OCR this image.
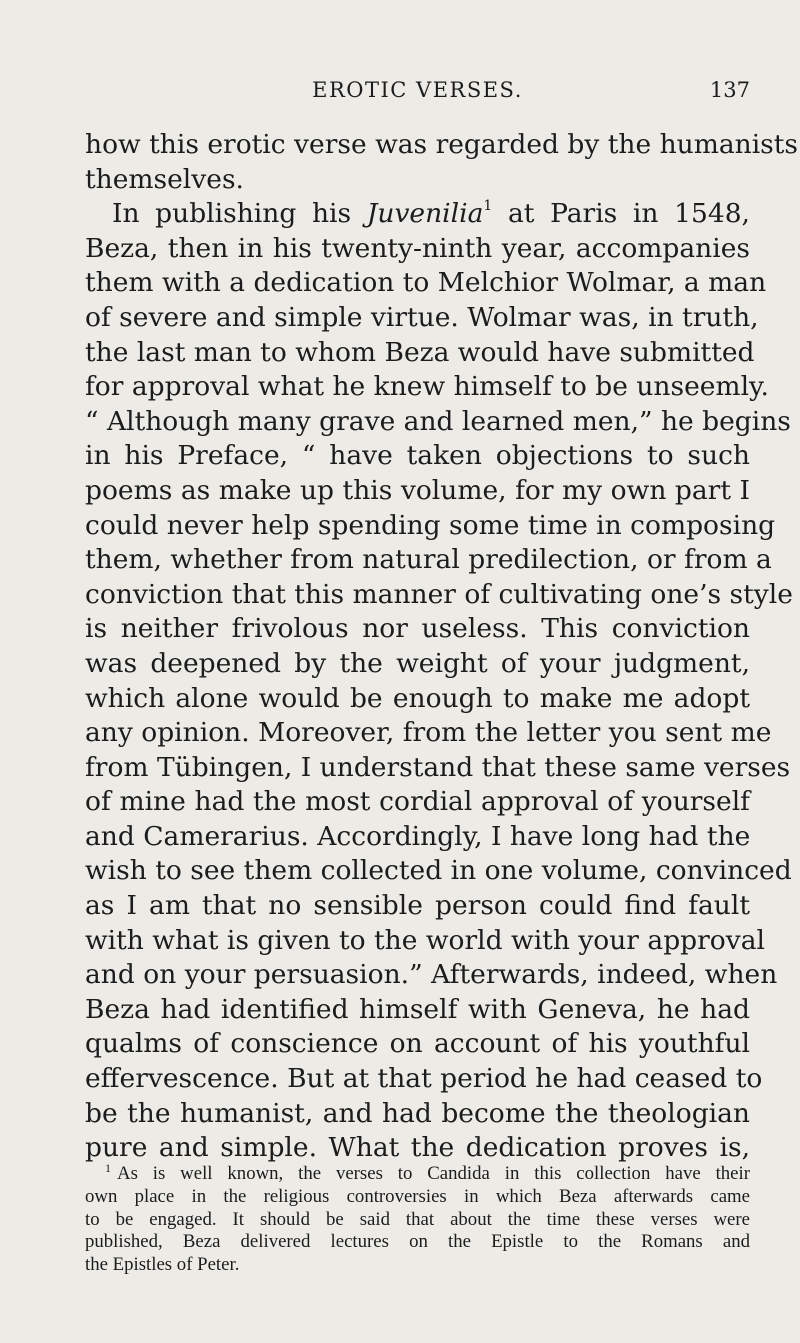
EROTIC VERSES.	137
how this erotic verse was regarded by the humanists
themselves.
In publishing his Juvenilia$^1$ at Paris in 1548,
Beza, then in his twenty-ninth year, accompanies
them with a dedication to Melchior Wolmar, a man
of severe and simple virtue. Wolmar was, in truth,
the last man to whom Beza would have submitted
for approval what he knew himself to be unseemly.
“ Although many grave and learned men,” he begins
in his Preface, “ have taken objections to such
poems as make up this volume, for my own part I
could never help spending some time in composing
them, whether from natural predilection, or from a
conviction that this manner of cultivating one’s style
is neither frivolous nor useless. This conviction
was deepened by the weight of your judgment,
which alone would be enough to make me adopt
any opinion. Moreover, from the letter you sent me
from Tübingen, I understand that these same verses
of mine had the most cordial approval of yourself
and Camerarius. Accordingly, I have long had the
wish to see them collected in one volume, convinced
as I am that no sensible person could find fault
with what is given to the world with your approval
and on your persuasion.” Afterwards, indeed, when
Beza had identified himself with Geneva, he had
qualms of conscience on account of his youthful
effervescence. But at that period he had ceased to
be the humanist, and had become the theologian
pure and simple. What the dedication proves is,
$^1$ As is well known, the verses to Candida in this collection have their
own place in the religious controversies in which Beza afterwards came
to be engaged. It should be said that about the time these verses were
published, Beza delivered lectures on the Epistle to the Romans and
the Epistles of Peter.
